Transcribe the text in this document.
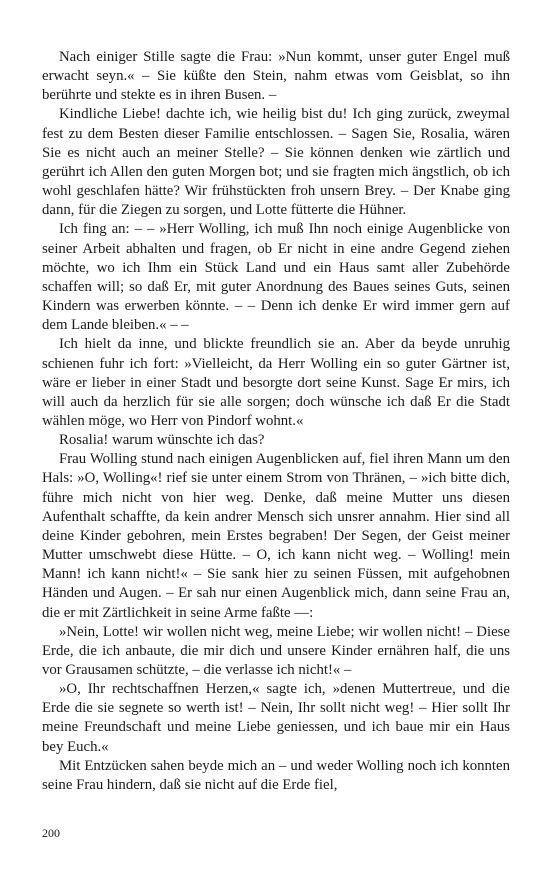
Nach einiger Stille sagte die Frau: »Nun kommt, unser guter Engel muß erwacht seyn.« – Sie küßte den Stein, nahm etwas vom Geisblat, so ihn berührte und stekte es in ihren Busen. –

Kindliche Liebe! dachte ich, wie heilig bist du! Ich ging zurück, zweymal fest zu dem Besten dieser Familie entschlossen. – Sagen Sie, Rosalia, wären Sie es nicht auch an meiner Stelle? – Sie können denken wie zärtlich und gerührt ich Allen den guten Morgen bot; und sie fragten mich ängstlich, ob ich wohl geschlafen hätte? Wir frühstückten froh unsern Brey. – Der Knabe ging dann, für die Ziegen zu sorgen, und Lotte fütterte die Hühner.

Ich fing an: – – »Herr Wolling, ich muß Ihn noch einige Augenblicke von seiner Arbeit abhalten und fragen, ob Er nicht in eine andre Gegend ziehen möchte, wo ich Ihm ein Stück Land und ein Haus samt aller Zubehörde schaffen will; so daß Er, mit guter Anordnung des Baues seines Guts, seinen Kindern was erwerben könnte. – – Denn ich denke Er wird immer gern auf dem Lande bleiben.« – –

Ich hielt da inne, und blickte freundlich sie an. Aber da beyde unruhig schienen fuhr ich fort: »Vielleicht, da Herr Wolling ein so guter Gärtner ist, wäre er lieber in einer Stadt und besorgte dort seine Kunst. Sage Er mirs, ich will auch da herzlich für sie alle sorgen; doch wünsche ich daß Er die Stadt wählen möge, wo Herr von Pindorf wohnt.«

Rosalia! warum wünschte ich das?

Frau Wolling stund nach einigen Augenblicken auf, fiel ihren Mann um den Hals: »O, Wolling«! rief sie unter einem Strom von Thränen, – »ich bitte dich, führe mich nicht von hier weg. Denke, daß meine Mutter uns diesen Aufenthalt schaffte, da kein andrer Mensch sich unsrer annahm. Hier sind all deine Kinder gebohren, mein Erstes begraben! Der Segen, der Geist meiner Mutter umschwebt diese Hütte. – O, ich kann nicht weg. – Wolling! mein Mann! ich kann nicht!« – Sie sank hier zu seinen Füssen, mit aufgehobnen Händen und Augen. – Er sah nur einen Augenblick mich, dann seine Frau an, die er mit Zärtlichkeit in seine Arme faßte ––:

»Nein, Lotte! wir wollen nicht weg, meine Liebe; wir wollen nicht! – Diese Erde, die ich anbaute, die mir dich und unsere Kinder ernähren half, die uns vor Grausamen schützte, – die verlasse ich nicht!« –

»O, Ihr rechtschaffnen Herzen,« sagte ich, »denen Muttertreue, und die Erde die sie segnete so werth ist! – Nein, Ihr sollt nicht weg! – Hier sollt Ihr meine Freundschaft und meine Liebe geniessen, und ich baue mir ein Haus bey Euch.«

Mit Entzücken sahen beyde mich an – und weder Wolling noch ich konnten seine Frau hindern, daß sie nicht auf die Erde fiel,

200
